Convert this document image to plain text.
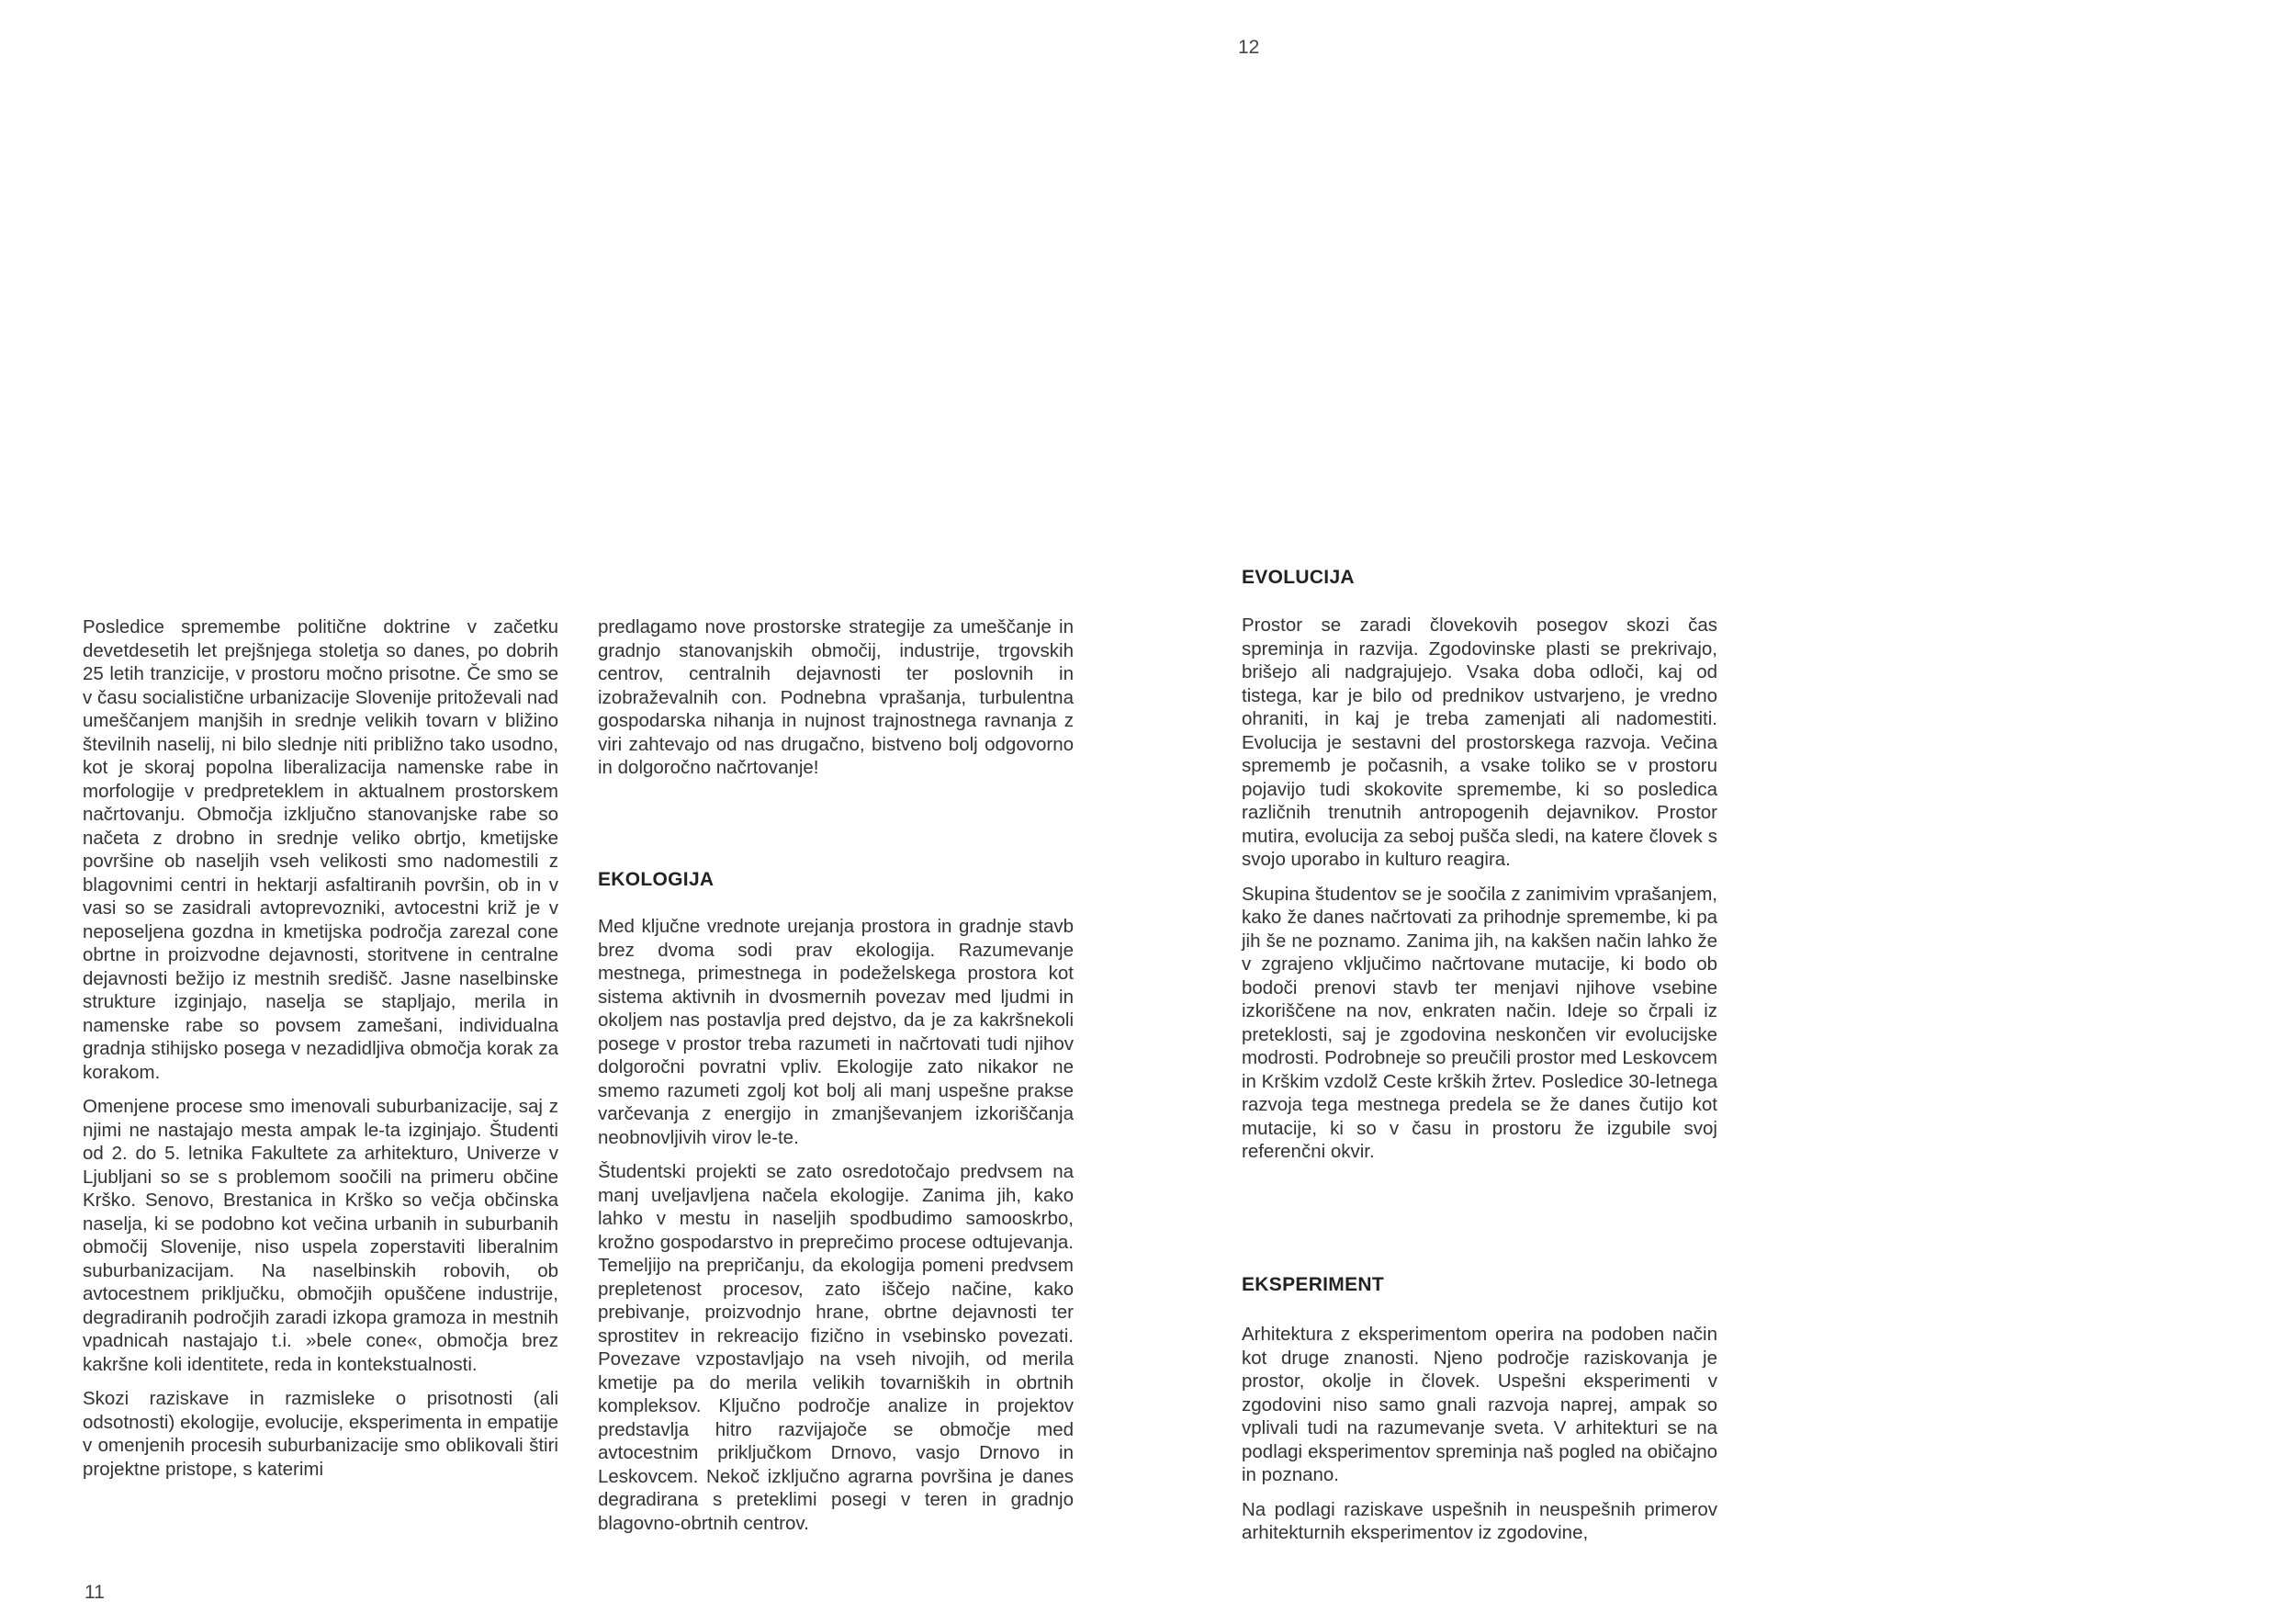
12
11

Posledice spremembe politične doktrine v začetku devetdesetih let prejšnjega stoletja so danes, po dobrih 25 letih tranzicije, v prostoru močno prisotne. Če smo se v času socialistične urbanizacije Slovenije pritoževali nad umeščanjem manjših in srednje velikih tovarn v bližino številnih naselij, ni bilo slednje niti približno tako usodno, kot je skoraj popolna liberalizacija namenske rabe in morfologije v predpreteklem in aktualnem prostorskem načrtovanju. Območja izključno stanovanjske rabe so načeta z drobno in srednje veliko obrtjo, kmetijske površine ob naseljih vseh velikosti smo nadomestili z blagovnimi centri in hektarji asfaltiranih površin, ob in v vasi so se zasidrali avtoprevozniki, avtocestni križ je v neposeljena gozdna in kmetijska področja zarezal cone obrtne in proizvodne dejavnosti, storitvene in centralne dejavnosti bežijo iz mestnih središč. Jasne naselbinske strukture izginjajo, naselja se stapljajo, merila in namenske rabe so povsem zamešani, individualna gradnja stihijsko posega v nezadidljiva območja korak za korakom.

Omenjene procese smo imenovali suburbanizacije, saj z njimi ne nastajajo mesta ampak le-ta izginjajo. Študenti od 2. do 5. letnika Fakultete za arhitekturo, Univerze v Ljubljani so se s problemom soočili na primeru občine Krško. Senovo, Brestanica in Krško so večja občinska naselja, ki se podobno kot večina urbanih in suburbanih območij Slovenije, niso uspela zoperstaviti liberalnim suburbanizacijam. Na naselbinskih robovih, ob avtocestnem priključku, območjih opuščene industrije, degradiranih področjih zaradi izkopa gramoza in mestnih vpadnicah nastajajo t.i. »bele cone«, območja brez kakršne koli identitete, reda in kontekstualnosti.

Skozi raziskave in razmisleke o prisotnosti (ali odsotnosti) ekologije, evolucije, eksperimenta in empatije v omenjenih procesih suburbanizacije smo oblikovali štiri projektne pristope, s katerimi

predlagamo nove prostorske strategije za umeščanje in gradnjo stanovanjskih območij, industrije, trgovskih centrov, centralnih dejavnosti ter poslovnih in izobraževalnih con. Podnebna vprašanja, turbulentna gospodarska nihanja in nujnost trajnostnega ravnanja z viri zahtevajo od nas drugačno, bistveno bolj odgovorno in dolgoročno načrtovanje!

EKOLOGIJA

Med ključne vrednote urejanja prostora in gradnje stavb brez dvoma sodi prav ekologija. Razumevanje mestnega, primestnega in podeželskega prostora kot sistema aktivnih in dvosmernih povezav med ljudmi in okoljem nas postavlja pred dejstvo, da je za kakršnekoli posege v prostor treba razumeti in načrtovati tudi njihov dolgoročni povratni vpliv. Ekologije zato nikakor ne smemo razumeti zgolj kot bolj ali manj uspešne prakse varčevanja z energijo in zmanjševanjem izkoriščanja neobnovljivih virov le-te.

Študentski projekti se zato osredotočajo predvsem na manj uveljavljena načela ekologije. Zanima jih, kako lahko v mestu in naseljih spodbudimo samooskrbo, krožno gospodarstvo in preprečimo procese odtujevanja. Temeljijo na prepričanju, da ekologija pomeni predvsem prepletenost procesov, zato iščejo načine, kako prebivanje, proizvodnjo hrane, obrtne dejavnosti ter sprostitev in rekreacijo fizično in vsebinsko povezati. Povezave vzpostavljajo na vseh nivojih, od merila kmetije pa do merila velikih tovarniških in obrtnih kompleksov. Ključno področje analize in projektov predstavlja hitro razvijajoče se območje med avtocestnim priključkom Drnovo, vasjo Drnovo in Leskovcem. Nekoč izključno agrarna površina je danes degradirana s preteklimi posegi v teren in gradnjo blagovno-obrtnih centrov.

EVOLUCIJA

Prostor se zaradi človekovih posegov skozi čas spreminja in razvija. Zgodovinske plasti se prekrivajo, brišejo ali nadgrajujejo. Vsaka doba odloči, kaj od tistega, kar je bilo od prednikov ustvarjeno, je vredno ohraniti, in kaj je treba zamenjati ali nadomestiti. Evolucija je sestavni del prostorskega razvoja. Večina sprememb je počasnih, a vsake toliko se v prostoru pojavijo tudi skokovite spremembe, ki so posledica različnih trenutnih antropogenih dejavnikov. Prostor mutira, evolucija za seboj pušča sledi, na katere človek s svojo uporabo in kulturo reagira.

Skupina študentov se je soočila z zanimivim vprašanjem, kako že danes načrtovati za prihodnje spremembe, ki pa jih še ne poznamo. Zanima jih, na kakšen način lahko že v zgrajeno vključimo načrtovane mutacije, ki bodo ob bodoči prenovi stavb ter menjavi njihove vsebine izkoriščene na nov, enkraten način. Ideje so črpali iz preteklosti, saj je zgodovina neskončen vir evolucijske modrosti. Podrobneje so preučili prostor med Leskovcem in Krškim vzdolž Ceste krških žrtev. Posledice 30-letnega razvoja tega mestnega predela se že danes čutijo kot mutacije, ki so v času in prostoru že izgubile svoj referenčni okvir.

EKSPERIMENT

Arhitektura z eksperimentom operira na podoben način kot druge znanosti. Njeno področje raziskovanja je prostor, okolje in človek. Uspešni eksperimenti v zgodovini niso samo gnali razvoja naprej, ampak so vplivali tudi na razumevanje sveta. V arhitekturi se na podlagi eksperimentov spreminja naš pogled na običajno in poznano.

Na podlagi raziskave uspešnih in neuspešnih primerov arhitekturnih eksperimentov iz zgodovine,
